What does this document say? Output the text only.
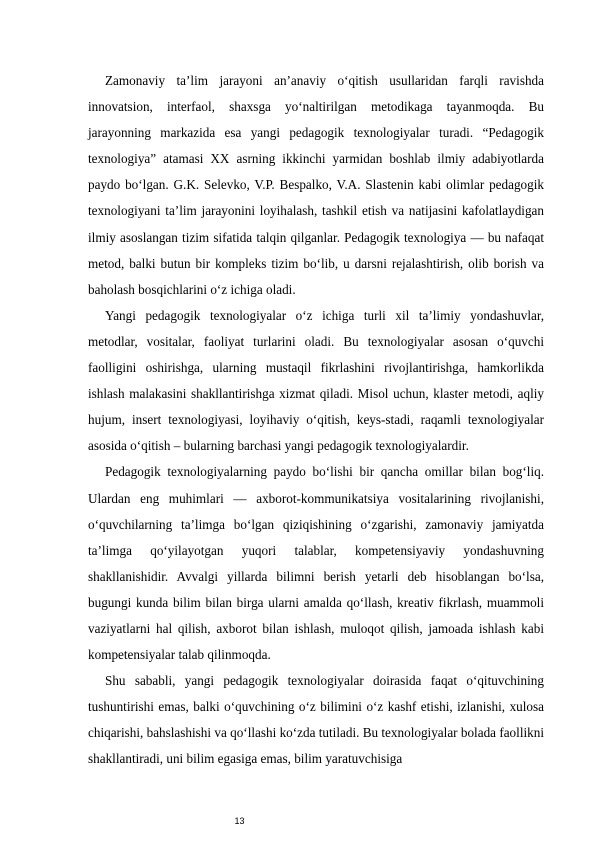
Zamonaviy ta’lim jarayoni an’anaviy o‘qitish usullaridan farqli ravishda innovatsion, interfaol, shaxsga yo‘naltirilgan metodikaga tayanmoqda. Bu jarayonning markazida esa yangi pedagogik texnologiyalar turadi. “Pedagogik texnologiya” atamasi XX asrning ikkinchi yarmidan boshlab ilmiy adabiyotlarda paydo bo‘lgan. G.K. Selevko, V.P. Bespalko, V.A. Slastenin kabi olimlar pedagogik texnologiyani ta’lim jarayonini loyihalash, tashkil etish va natijasini kafolatlaydigan ilmiy asoslangan tizim sifatida talqin qilganlar. Pedagogik texnologiya — bu nafaqat metod, balki butun bir kompleks tizim bo‘lib, u darsni rejalashtirish, olib borish va baholash bosqichlarini o‘z ichiga oladi.

Yangi pedagogik texnologiyalar o‘z ichiga turli xil ta’limiy yondashuvlar, metodlar, vositalar, faoliyat turlarini oladi. Bu texnologiyalar asosan o‘quvchi faolligini oshirishga, ularning mustaqil fikrlashini rivojlantirishga, hamkorlikda ishlash malakasini shakllantirishga xizmat qiladi. Misol uchun, klaster metodi, aqliy hujum, insert texnologiyasi, loyihaviy o‘qitish, keys-stadi, raqamli texnologiyalar asosida o‘qitish – bularning barchasi yangi pedagogik texnologiyalardir.

Pedagogik texnologiyalarning paydo bo‘lishi bir qancha omillar bilan bog‘liq. Ulardan eng muhimlari — axborot-kommunikatsiya vositalarining rivojlanishi, o‘quvchilarning ta’limga bo‘lgan qiziqishining o‘zgarishi, zamonaviy jamiyatda ta’limga qo‘yilayotgan yuqori talablar, kompetensiyaviy yondashuvning shakllanishidir. Avvalgi yillarda bilimni berish yetarli deb hisoblangan bo‘lsa, bugungi kunda bilim bilan birga ularni amalda qo‘llash, kreativ fikrlash, muammoli vaziyatlarni hal qilish, axborot bilan ishlash, muloqot qilish, jamoada ishlash kabi kompetensiyalar talab qilinmoqda.

Shu sababli, yangi pedagogik texnologiyalar doirasida faqat o‘qituvchining tushuntirishi emas, balki o‘quvchining o‘z bilimini o‘z kashf etishi, izlanishi, xulosa chiqarishi, bahslashishi va qo‘llashi ko‘zda tutiladi. Bu texnologiyalar bolada faollikni shakllantiradi, uni bilim egasiga emas, bilim yaratuvchisiga

13
